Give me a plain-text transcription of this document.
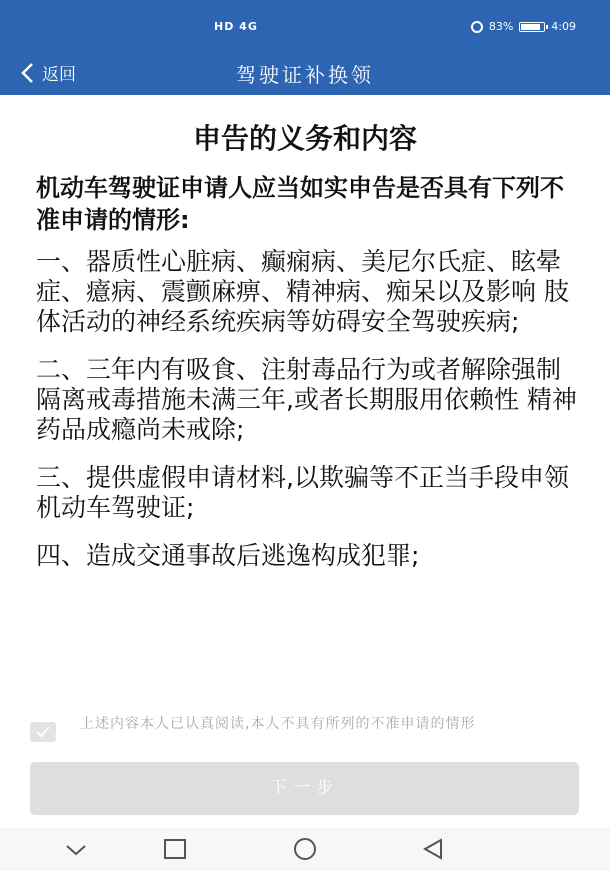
HD 4G	83%	4:09
返回	驾驶证补换领
申告的义务和内容
机动车驾驶证申请人应当如实申告是否具有下列不准申请的情形:
一、器质性心脏病、癫痫病、美尼尔氏症、眩晕症、癔病、震颤麻痹、精神病、痴呆以及影响 肢体活动的神经系统疾病等妨碍安全驾驶疾病;
二、三年内有吸食、注射毒品行为或者解除强制隔离戒毒措施未满三年,或者长期服用依赖性 精神药品成瘾尚未戒除;
三、提供虚假申请材料,以欺骗等不正当手段申领机动车驾驶证;
四、造成交通事故后逃逸构成犯罪;
上述内容本人已认真阅读,本人不具有所列的不准申请的情形
下一步
